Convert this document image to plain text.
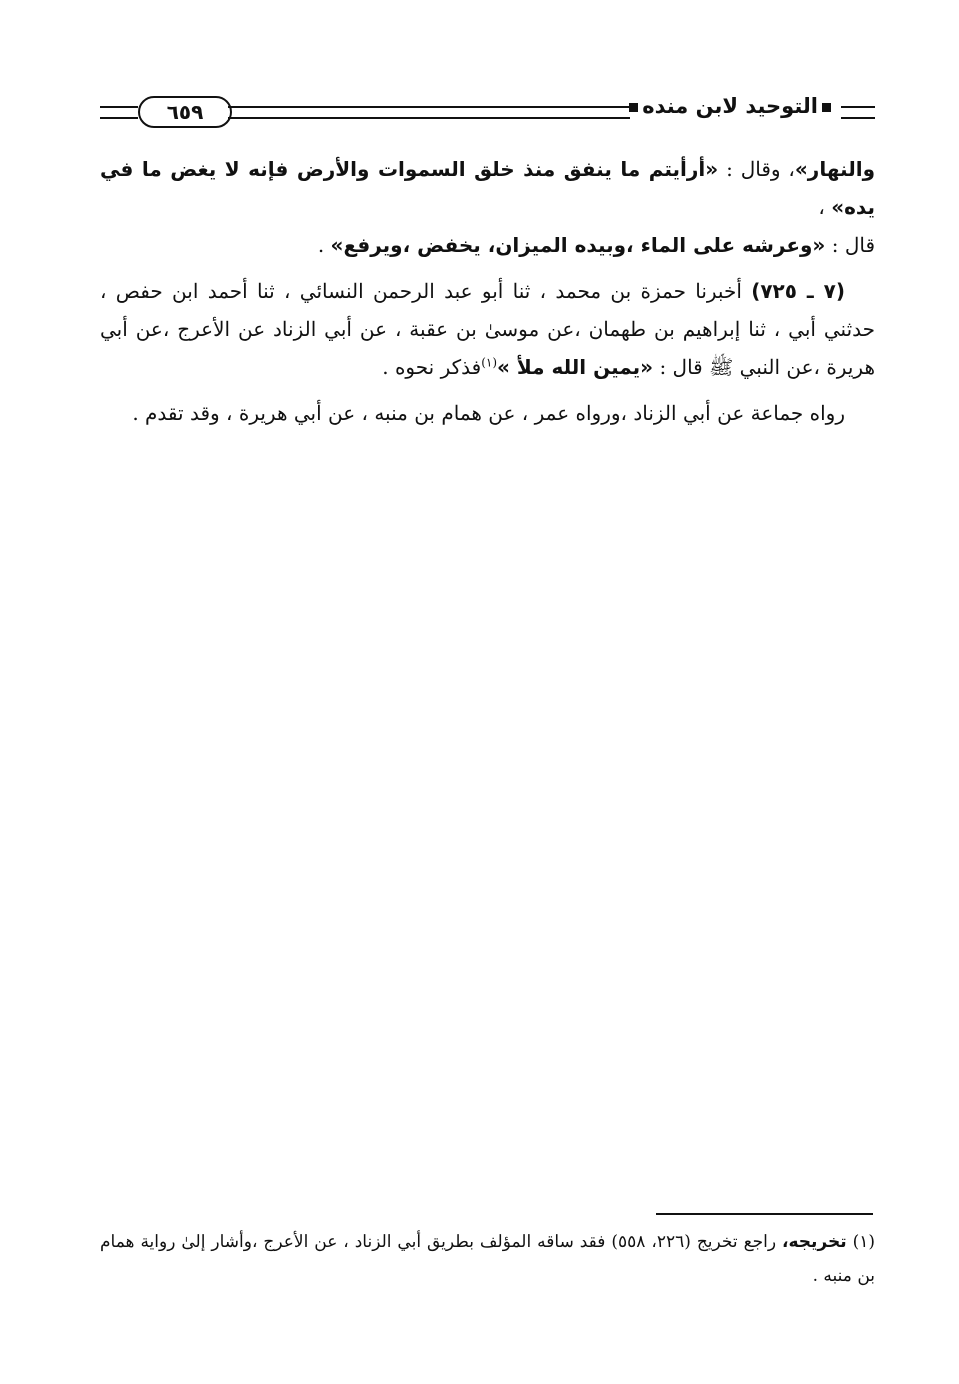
التوحيد لابن منده
٦٥٩

والنهار»، وقال : «أرأيتم ما ينفق منذ خلق السموات والأرض فإنه لا يغض ما في يده» ،
قال : «وعرشه على الماء ،وبيده الميزان، يخفض ،ويرفع» .

(٧ ـ ٧٢٥) أخبرنا حمزة بن محمد ، ثنا أبو عبد الرحمن النسائي ، ثنا أحمد ابن حفص ، حدثني أبي ، ثنا إبراهيم بن طهمان ،عن موسىٰ بن عقبة ، عن أبي الزناد عن الأعرج ،عن أبي هريرة ،عن النبي ﷺ قال : «يمين الله ملأ »$^{(١)}$فذكر نحوه .

رواه جماعة عن أبي الزناد ،ورواه عمر ، عن همام بن منبه ، عن أبي هريرة ، وقد تقدم .

(١) تخريجه، راجع تخريج (٢٢٦، ٥٥٨) فقد ساقه المؤلف بطريق أبي الزناد ، عن الأعرج ،وأشار إلىٰ رواية همام بن منبه .
